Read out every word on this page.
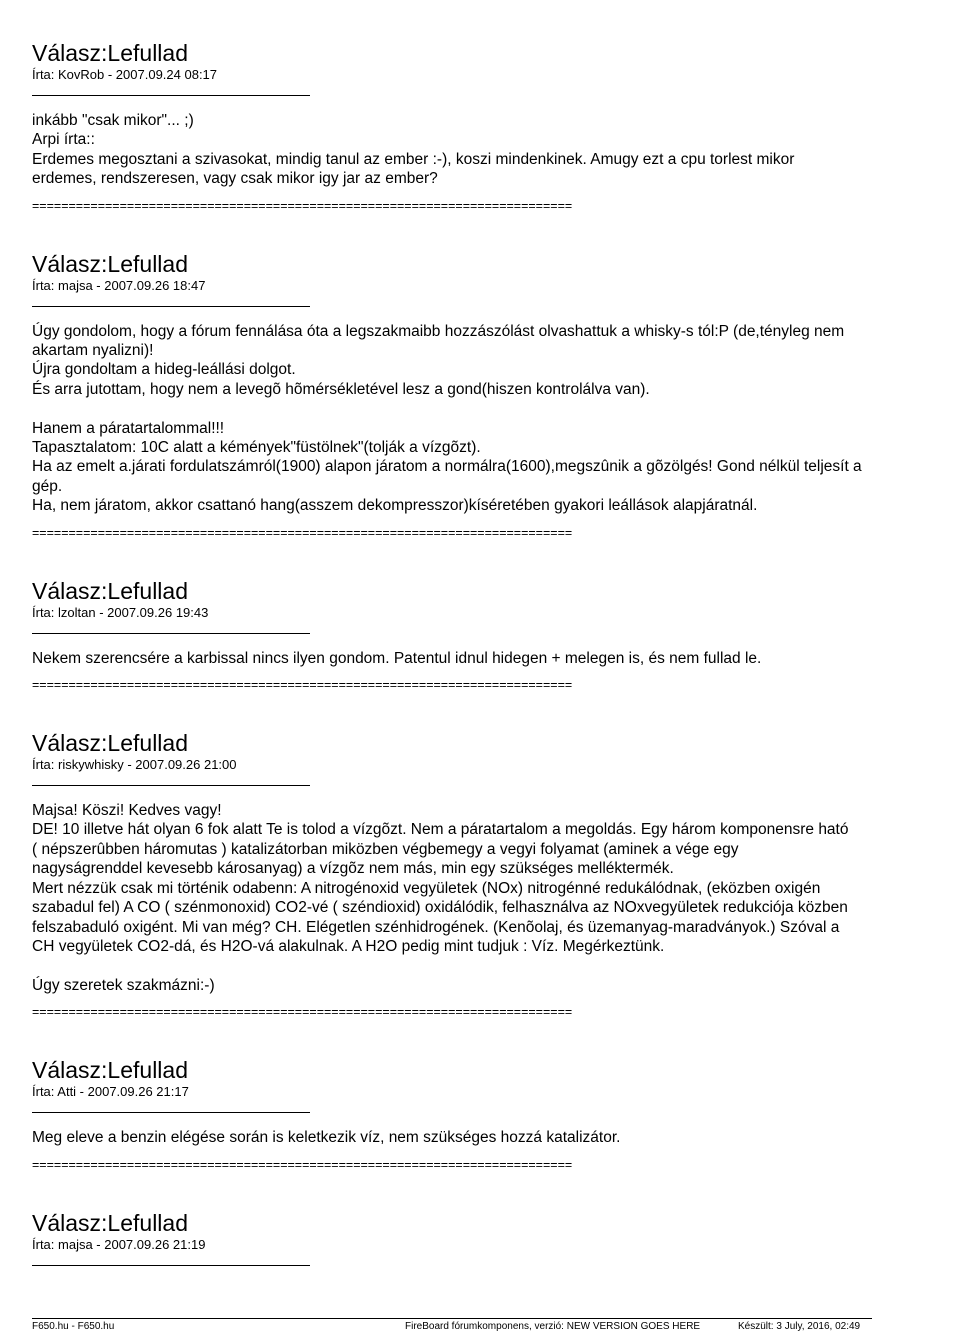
Válasz:Lefullad
Írta: KovRob - 2007.09.24 08:17
inkább "csak mikor"... ;)
Arpi írta::
Erdemes megosztani a szivasokat, mindig tanul az ember :-), koszi mindenkinek. Amugy ezt a cpu torlest mikor
erdemes, rendszeresen, vagy csak mikor igy jar az ember?
==========================================================================
Válasz:Lefullad
Írta: majsa - 2007.09.26 18:47
Úgy gondolom, hogy a fórum fennálása óta a legszakmaibb hozzászólást olvashattuk a whisky-s tól:P (de,tényleg nem
akartam nyalizni)!
Újra gondoltam a hideg-leállási dolgot.
És arra jutottam, hogy nem a levegõ hõmérsékletével lesz a gond(hiszen kontrolálva van).
Hanem a páratartalommal!!!
Tapasztalatom: 10C alatt a kémények"füstölnek"(tolják a vízgõzt).
Ha az emelt a.járati fordulatszámról(1900) alapon járatom a normálra(1600),megszûnik a gõzölgés! Gond nélkül teljesít a
gép.
Ha, nem járatom, akkor csattanó hang(asszem dekompresszor)kíséretében gyakori leállások alapjáratnál.
==========================================================================
Válasz:Lefullad
Írta: lzoltan - 2007.09.26 19:43
Nekem szerencsére a karbissal nincs ilyen gondom. Patentul idnul hidegen + melegen is, és nem fullad le.
==========================================================================
Válasz:Lefullad
Írta: riskywhisky - 2007.09.26 21:00
Majsa! Köszi! Kedves vagy!
DE! 10 illetve hát olyan 6 fok alatt Te is tolod a vízgõzt. Nem a páratartalom a megoldás. Egy három komponensre ható
( népszerûbben háromutas ) katalizátorban miközben végbemegy a vegyi folyamat (aminek a vége egy
nagyságrenddel kevesebb károsanyag) a vízgõz nem más, min egy szükséges melléktermék.
Mert nézzük csak mi történik odabenn: A nitrogénoxid vegyületek (NOx) nitrogénné redukálódnak, (eközben oxigén
szabadul fel) A CO ( szénmonoxid) CO2-vé ( széndioxid) oxidálódik, felhasználva az NOxvegyületek redukciója közben
felszabaduló oxigént. Mi van még? CH. Elégetlen szénhidrogének. (Kenõolaj, és üzemanyag-maradványok.) Szóval a
CH vegyületek CO2-dá, és H2O-vá alakulnak. A H2O pedig mint tudjuk : Víz. Megérkeztünk.
Úgy szeretek szakmázni:-)
==========================================================================
Válasz:Lefullad
Írta: Atti - 2007.09.26 21:17
Meg eleve a benzin elégése során is keletkezik víz, nem szükséges hozzá katalizátor.
==========================================================================
Válasz:Lefullad
Írta: majsa - 2007.09.26 21:19
F650.hu - F650.hu	FireBoard fórumkomponens, verzió: NEW VERSION GOES HERE	Készült: 3 July, 2016, 02:49
